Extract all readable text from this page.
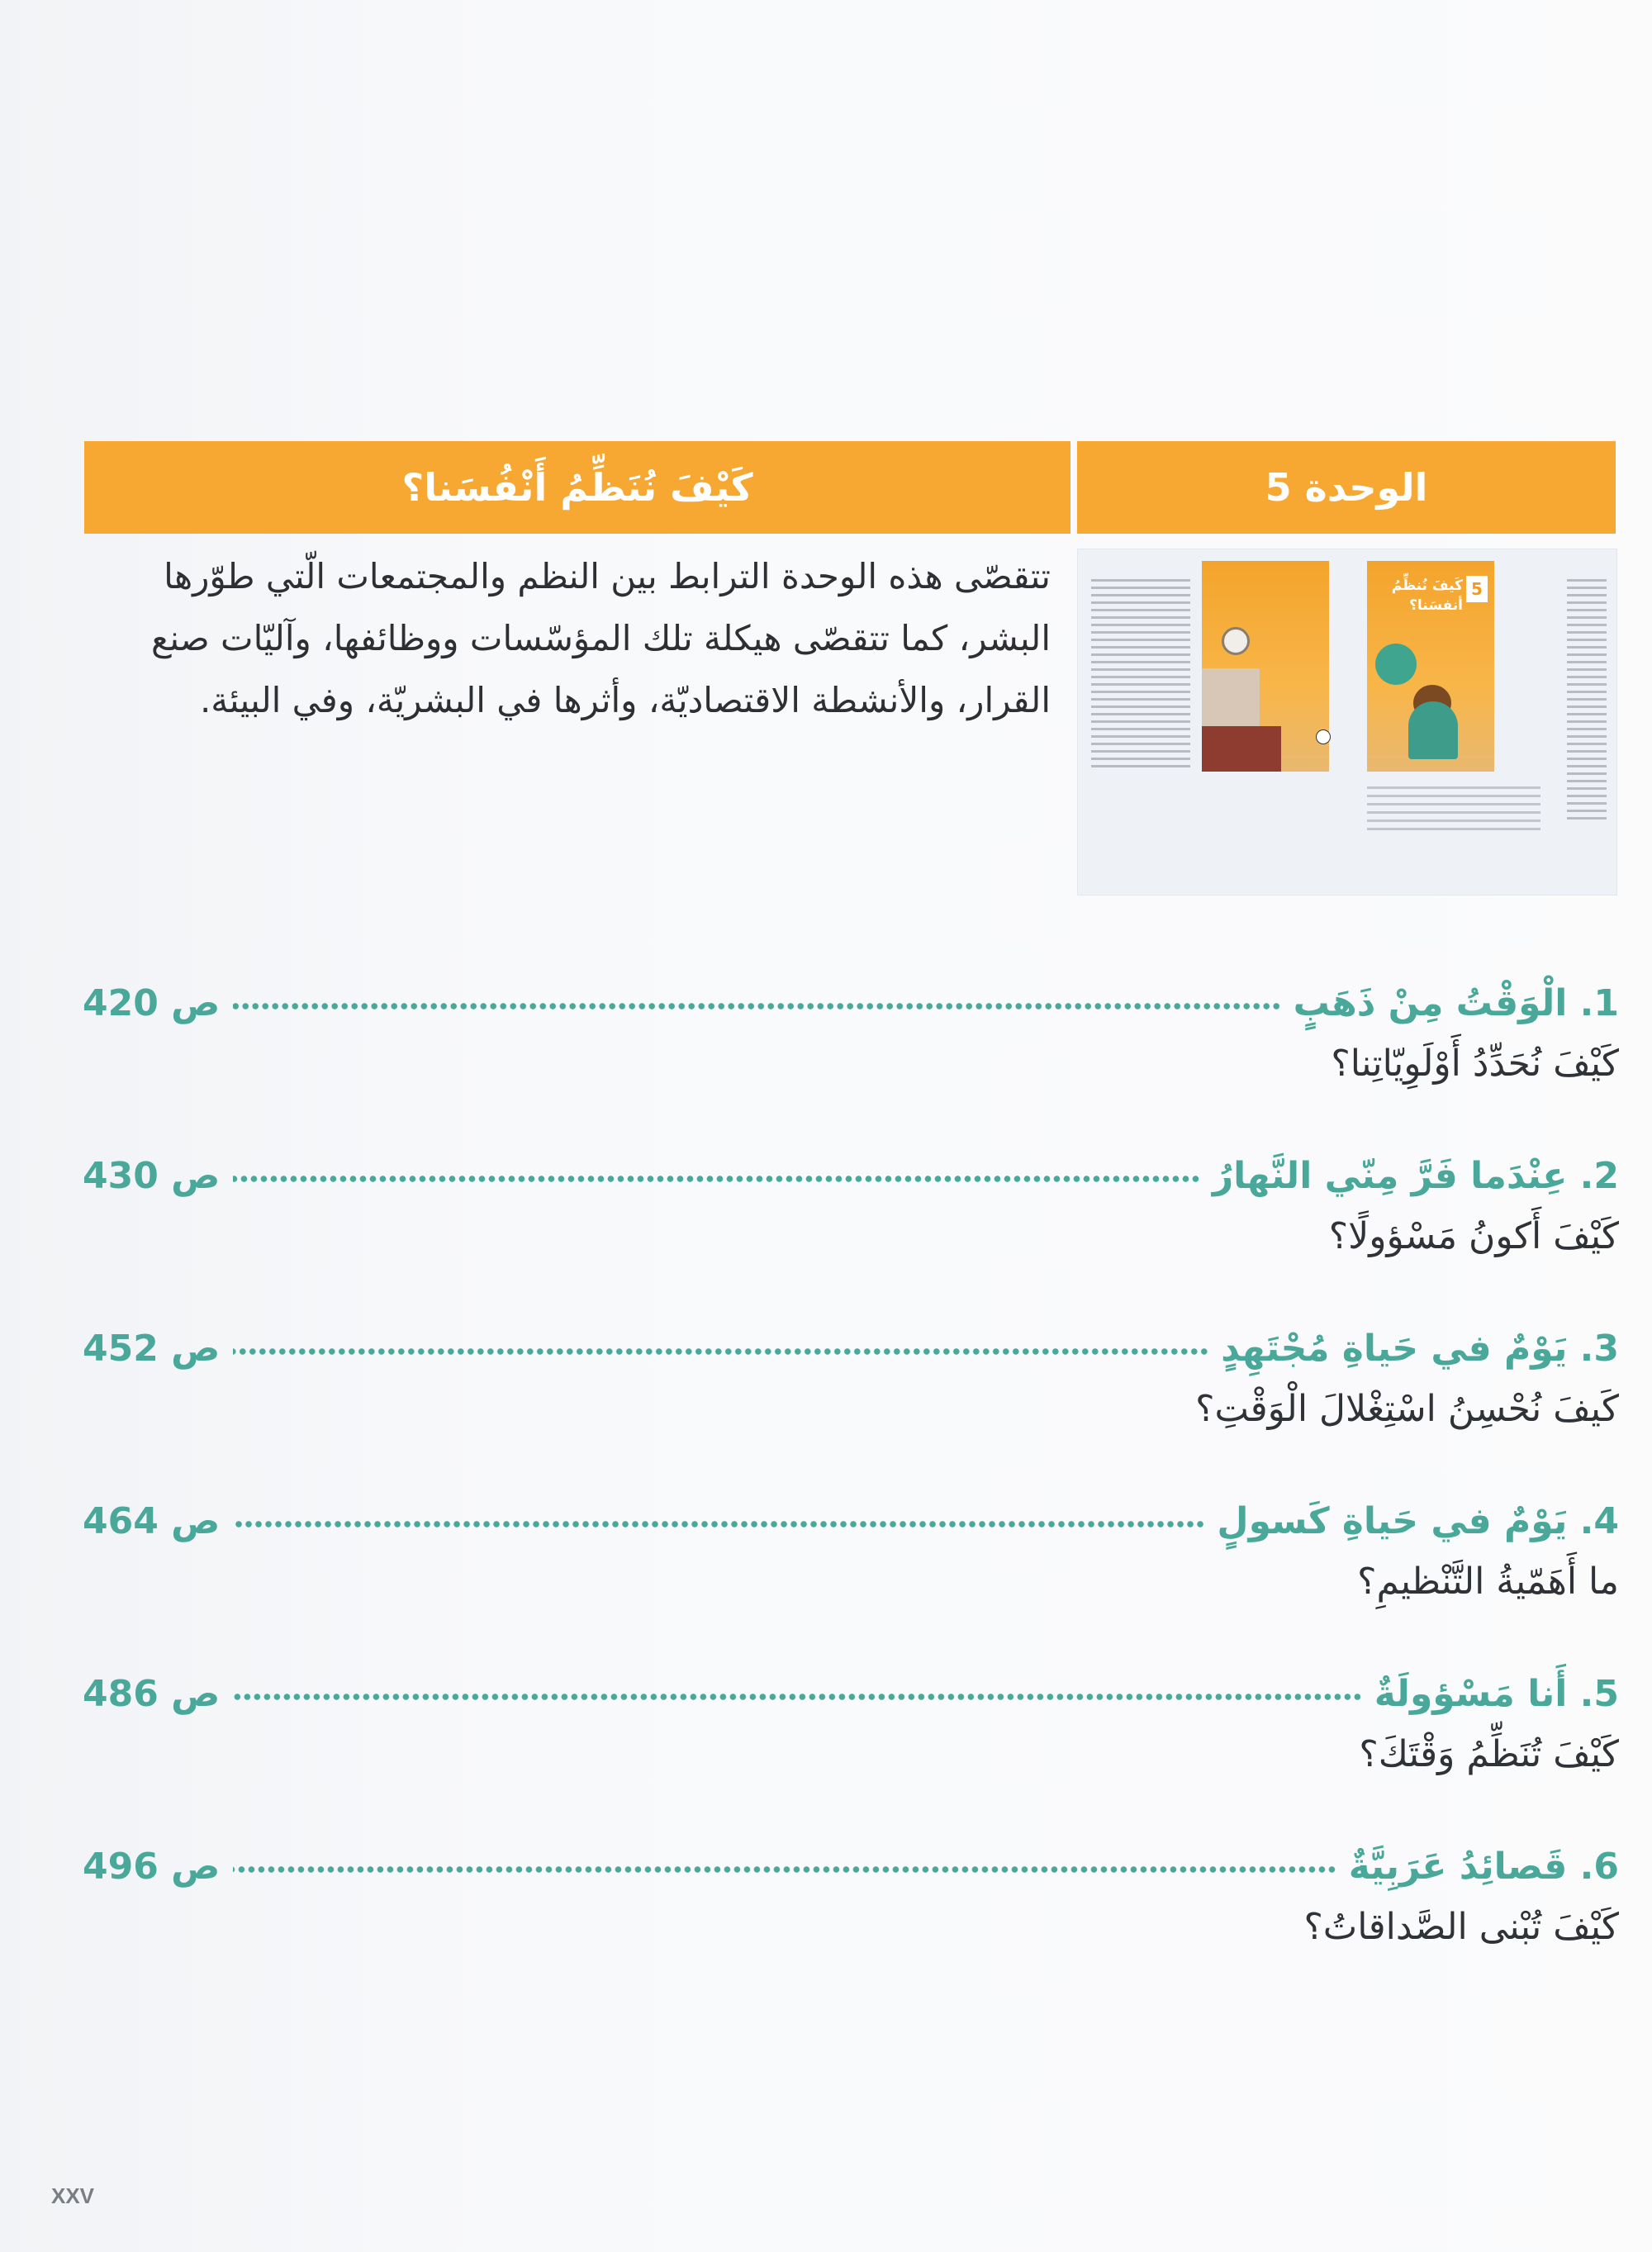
الوحدة 5
كَيْفَ نُنَظِّمُ أَنْفُسَنا؟
تتقصّى هذه الوحدة الترابط بين النظم والمجتمعات الّتي طوّرها البشر، كما تتقصّى هيكلة تلك المؤسّسات ووظائفها، وآليّات صنع القرار، والأنشطة الاقتصاديّة، وأثرها في البشريّة، وفي البيئة.
5
كَيفَ نُنظِّمُ أنفسَنا؟
1. الْوَقْتُ مِنْ ذَهَبٍ
ص 420
كَيْفَ نُحَدِّدُ أَوْلَوِيّاتِنا؟
2. عِنْدَما فَرَّ مِنّي النَّهارُ
ص 430
كَيْفَ أَكونُ مَسْؤولًا؟
3. يَوْمٌ في حَياةِ مُجْتَهِدٍ
ص 452
كَيفَ نُحْسِنُ اسْتِغْلالَ الْوَقْتِ؟
4. يَوْمٌ في حَياةِ كَسولٍ
ص 464
ما أَهَمّيةُ التَّنْظيمِ؟
5. أَنا مَسْؤولَةٌ
ص 486
كَيْفَ تُنَظِّمُ وَقْتَكَ؟
6. قَصائِدُ عَرَبِيَّةٌ
ص 496
كَيْفَ تُبْنى الصَّداقاتُ؟
XXV
